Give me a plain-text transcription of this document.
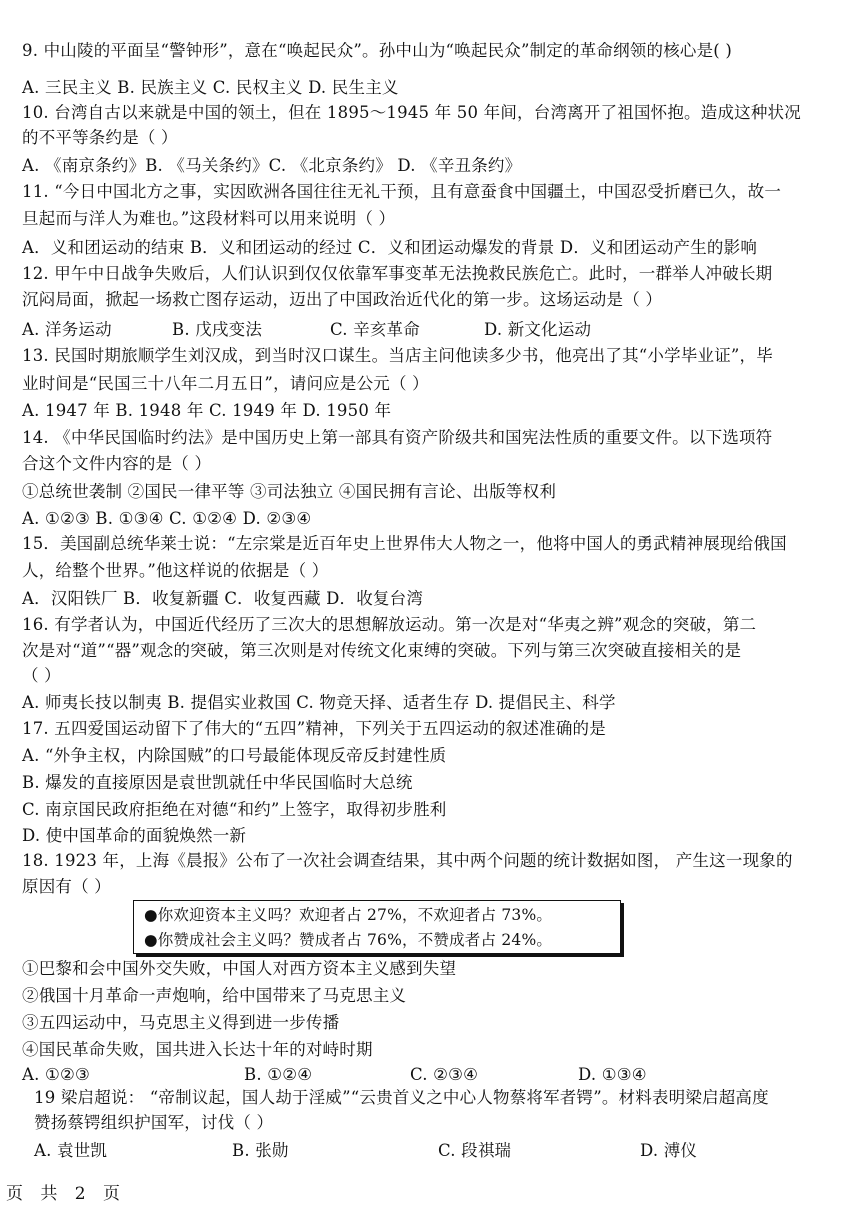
9. 中山陵的平面呈“警钟形”，意在“唤起民众”。孙中山为“唤起民众”制定的革命纲领的核心是( )
A. 三民主义 B. 民族主义 C. 民权主义 D. 民生主义
10. 台湾自古以来就是中国的领土，但在 1895～1945 年 50 年间，台湾离开了祖国怀抱。造成这种状况
的不平等条约是（ ）
A. 《南京条约》B. 《马关条约》C. 《北京条约》 D. 《辛丑条约》
11. “今日中国北方之事，实因欧洲各国往往无礼干预，且有意蚕食中国疆土，中国忍受折磨已久，故一
旦起而与洋人为难也。”这段材料可以用来说明（ ）
A．义和团运动的结束 B．义和团运动的经过 C．义和团运动爆发的背景 D．义和团运动产生的影响
12. 甲午中日战争失败后，人们认识到仅仅依靠军事变革无法挽救民族危亡。此时，一群举人冲破长期
沉闷局面，掀起一场救亡图存运动，迈出了中国政治近代化的第一步。这场运动是（ ）
A. 洋务运动	B. 戊戌变法	C. 辛亥革命	D. 新文化运动
13. 民国时期旅顺学生刘汉成，到当时汉口谋生。当店主问他读多少书，他亮出了其“小学毕业证”，毕
业时间是“民国三十八年二月五日”，请问应是公元（ ）
A. 1947 年 B. 1948 年 C. 1949 年 D. 1950 年
14. 《中华民国临时约法》是中国历史上第一部具有资产阶级共和国宪法性质的重要文件。以下选项符
合这个文件内容的是（ ）
①总统世袭制 ②国民一律平等 ③司法独立 ④国民拥有言论、出版等权利
A. ①②③ B. ①③④ C. ①②④ D. ②③④
15．美国副总统华莱士说：“左宗棠是近百年史上世界伟大人物之一，他将中国人的勇武精神展现给俄国
人，给整个世界。”他这样说的依据是（ ）
A．汉阳铁厂 B．收复新疆 C．收复西藏 D．收复台湾
16. 有学者认为，中国近代经历了三次大的思想解放运动。第一次是对“华夷之辨”观念的突破，第二
次是对“道”“器”观念的突破，第三次则是对传统文化束缚的突破。下列与第三次突破直接相关的是
（ ）
A. 师夷长技以制夷 B. 提倡实业救国 C. 物竞天择、适者生存 D. 提倡民主、科学
17. 五四爱国运动留下了伟大的“五四”精神，下列关于五四运动的叙述准确的是
A. “外争主权，内除国贼”的口号最能体现反帝反封建性质
B. 爆发的直接原因是袁世凯就任中华民国临时大总统
C. 南京国民政府拒绝在对德“和约”上签字，取得初步胜利
D. 使中国革命的面貌焕然一新
18. 1923 年，上海《晨报》公布了一次社会调查结果，其中两个问题的统计数据如图， 产生这一现象的
原因有（ ）
●你欢迎资本主义吗？欢迎者占 27%，不欢迎者占 73%。
●你赞成社会主义吗？赞成者占 76%，不赞成者占 24%。
①巴黎和会中国外交失败，中国人对西方资本主义感到失望
②俄国十月革命一声炮响，给中国带来了马克思主义
③五四运动中，马克思主义得到进一步传播
④国民革命失败，国共进入长达十年的对峙时期
A. ①②③	B. ①②④	C. ②③④	D. ①③④
19 梁启超说： “帝制议起，国人劫于淫威”“云贵首义之中心人物蔡将军者锷”。材料表明梁启超高度
赞扬蔡锷组织护国军，讨伐（ ）
A. 袁世凯	B. 张勋	C. 段祺瑞	D. 溥仪
页 共 2 页
